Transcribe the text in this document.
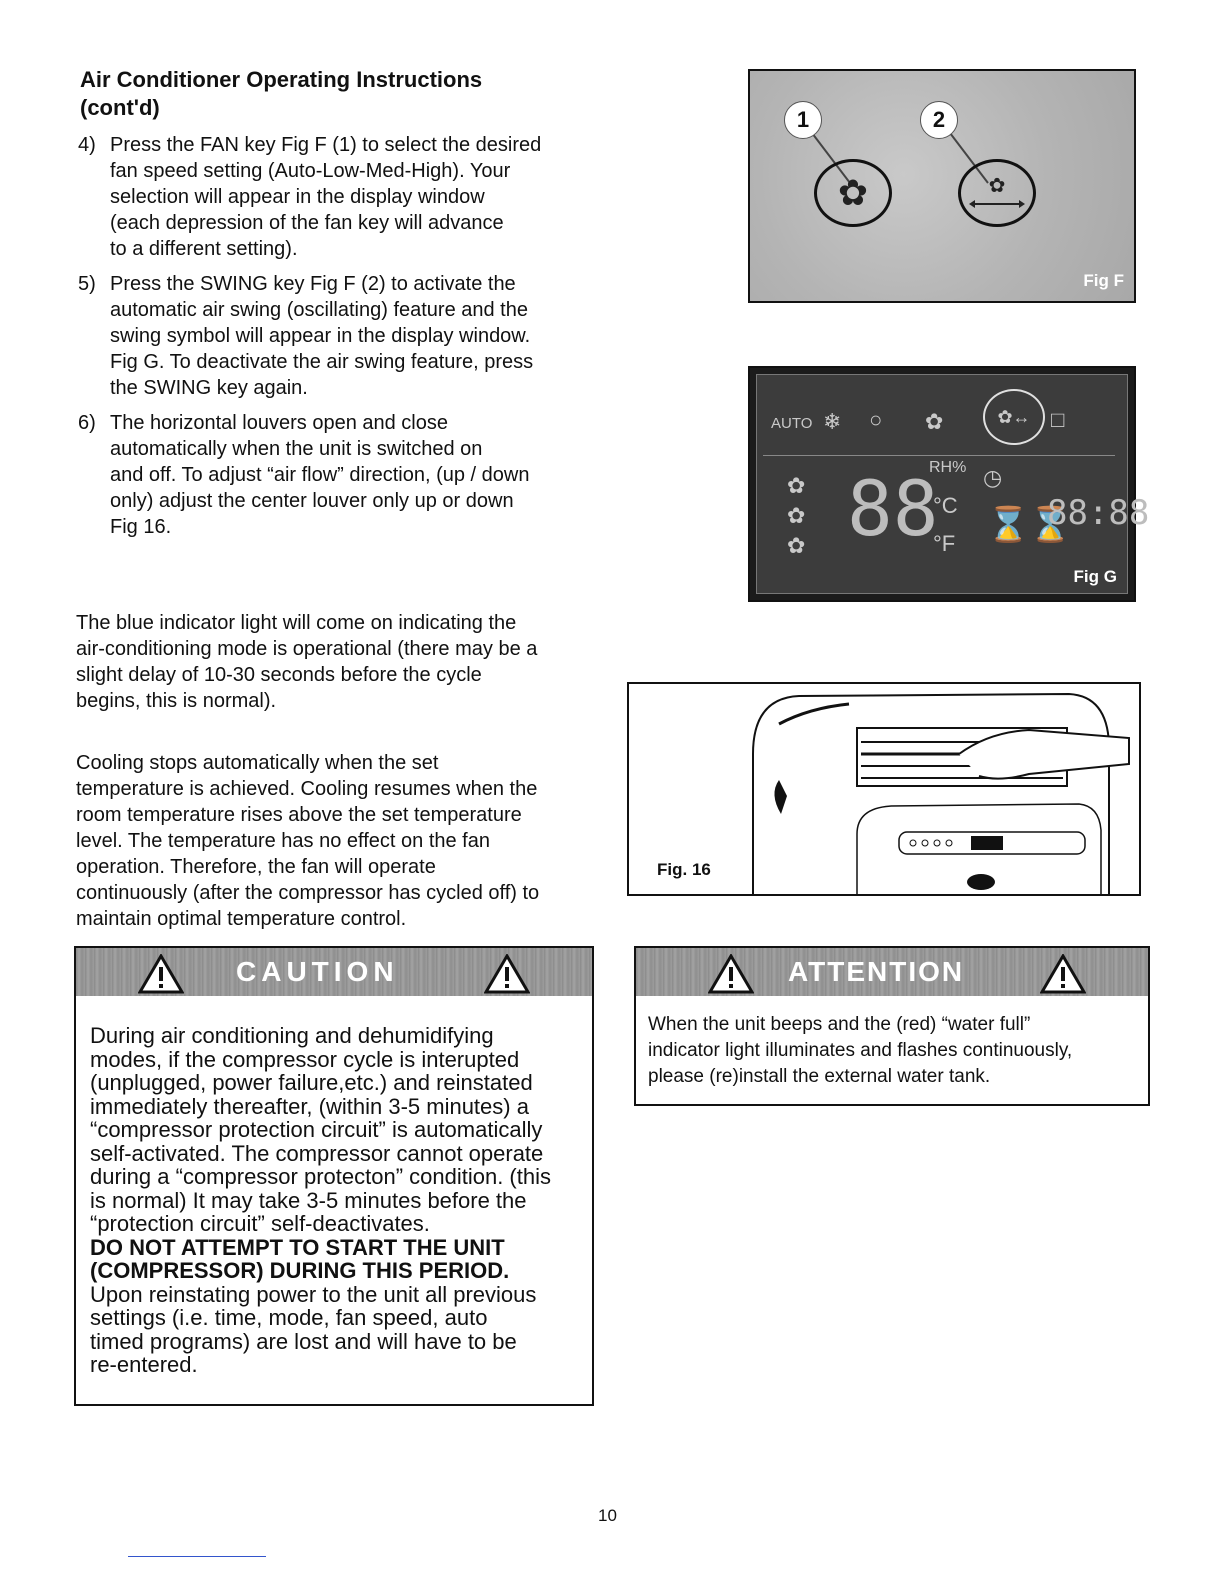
Air Conditioner Operating Instructions
(cont'd)
4) Press the FAN key Fig F (1) to select the desired
fan speed setting (Auto-Low-Med-High). Your
selection will appear in the display window
(each depression of the fan key will advance
to a different setting).
5) Press the SWING key Fig F (2) to activate the
automatic air swing (oscillating) feature and the
swing symbol will appear in the display window.
Fig G. To deactivate the air swing feature, press
the SWING key again.
6) The horizontal louvers open and close
automatically when the unit is switched on
and off. To adjust “air flow” direction, (up / down
only) adjust the center louver only up or down
Fig 16.
The blue indicator light will come on indicating the
air-conditioning mode is operational (there may be a
slight delay of 10-30 seconds before the cycle
begins, this is normal).
Cooling stops automatically when the set
temperature is achieved. Cooling resumes when the
room temperature rises above the set temperature
level. The temperature has no effect on the fan
operation. Therefore, the fan will operate
continuously (after the compressor has cycled off) to
maintain optimal temperature control.
CAUTION
During air conditioning and dehumidifying
modes, if the compressor cycle is interupted
(unplugged, power failure,etc.) and reinstated
immediately thereafter, (within 3-5 minutes) a
“compressor protection circuit” is automatically
self-activated. The compressor cannot operate
during a “compressor protecton” condition. (this
is normal) It may take 3-5 minutes before the
“protection circuit” self-deactivates.
DO NOT ATTEMPT TO START THE UNIT
(COMPRESSOR) DURING THIS PERIOD.
Upon reinstating power to the unit all previous
settings (i.e. time, mode, fan speed, auto
timed programs) are lost and will have to be
re-entered.
ATTENTION
When the unit beeps and the (red) “water full”
indicator light illuminates and flashes continuously,
please (re)install the external water tank.
1	2
✿	✿
Fig F
AUTO ❄ ○ ✿	✿↔ □
✿
✿
✿ 88
RH%
°C
°F
◷
⌛⌛
88:88
Fig G
Fig. 16
10
